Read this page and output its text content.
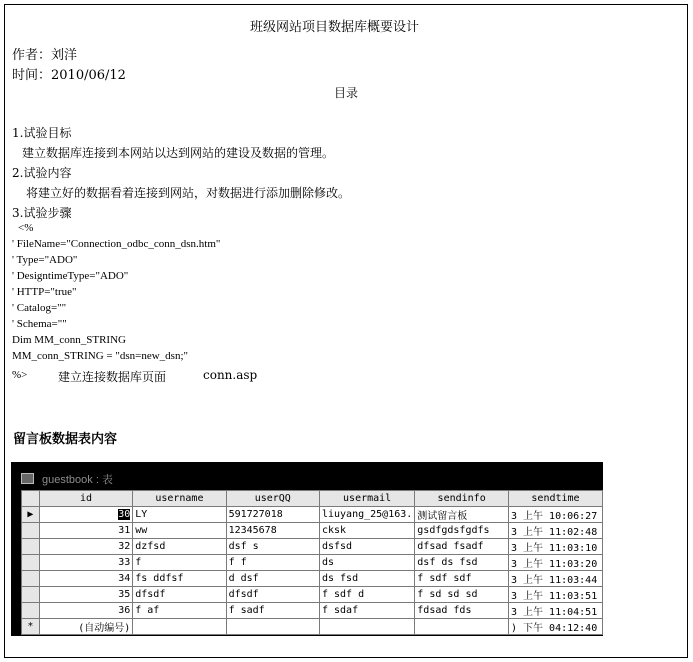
班级网站项目数据库概要设计
作者：刘洋
时间：2010/06/12
目录
1.试验目标
建立数据库连接到本网站以达到网站的建设及数据的管理。
2.试验内容
将建立好的数据看着连接到网站，对数据进行添加删除修改。
3.试验步骤
<%
' FileName="Connection_odbc_conn_dsn.htm"
' Type="ADO"
' DesigntimeType="ADO"
' HTTP="true"
' Catalog=""
' Schema=""
Dim MM_conn_STRING
MM_conn_STRING = "dsn=new_dsn;"
%>	建立连接数据库页面	conn.asp
留言板数据表内容
guestbook : 表
	id	username	userQQ	usermail	sendinfo	sendtime
▶	30	LY	591727018	liuyang_25@163.	测试留言板	3 上午 10:06:27
	31	ww	12345678	cksk	gsdfgdsfgdfs	3 上午 11:02:48
	32	dzfsd	dsf s	dsfsd	dfsad fsadf	3 上午 11:03:10
	33	f	f f	ds	dsf ds fsd	3 上午 11:03:20
	34	fs ddfsf	d dsf	ds fsd	f sdf sdf	3 上午 11:03:44
	35	dfsdf	dfsdf	f sdf d	f sd sd sd	3 上午 11:03:51
	36	f af	f sadf	f sdaf	fdsad fds	3 上午 11:04:51
*	(自动编号)					) 下午 04:12:40
